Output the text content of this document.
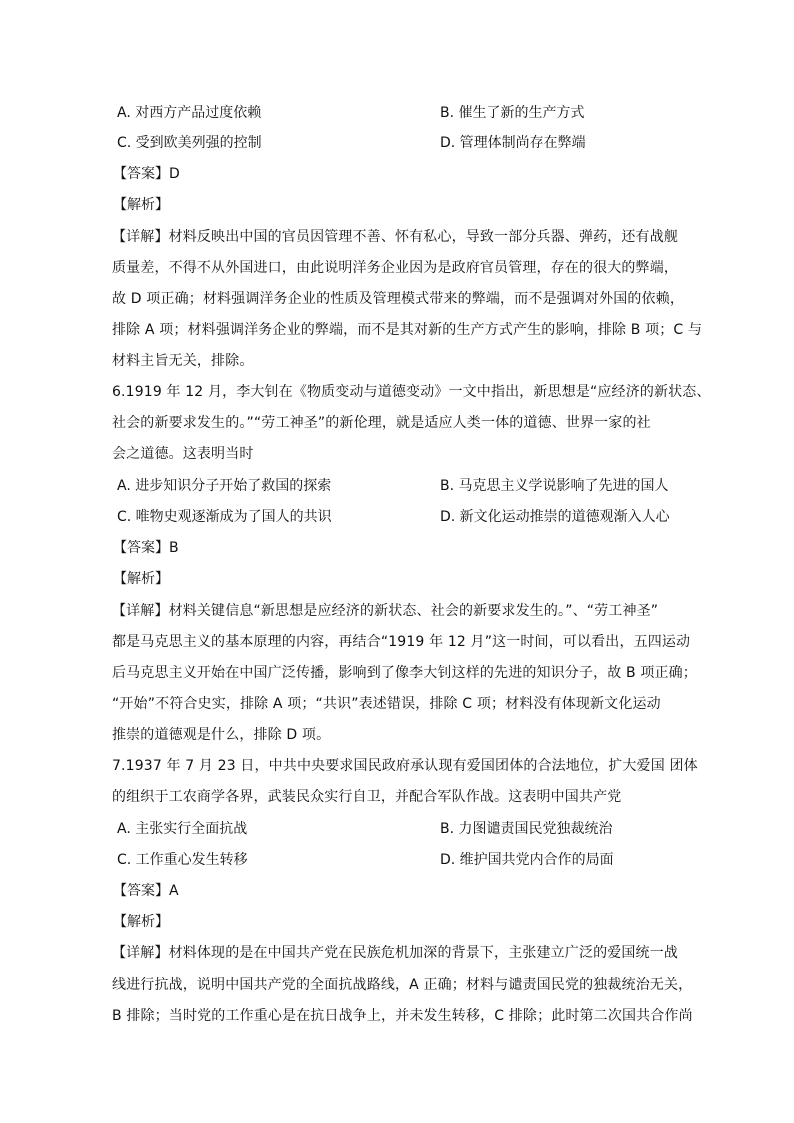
A. 对西方产品过度依赖	B. 催生了新的生产方式
C. 受到欧美列强的控制	D. 管理体制尚存在弊端
【答案】D
【解析】
【详解】材料反映出中国的官员因管理不善、怀有私心，导致一部分兵器、弹药，还有战舰
质量差，不得不从外国进口，由此说明洋务企业因为是政府官员管理，存在的很大的弊端，
故 D 项正确；材料强调洋务企业的性质及管理模式带来的弊端，而不是强调对外国的依赖，
排除 A 项；材料强调洋务企业的弊端，而不是其对新的生产方式产生的影响，排除 B 项；C 与
材料主旨无关，排除。
6.1919 年 12 月，李大钊在《物质变动与道德变动》一文中指出，新思想是“应经济的新状态、
社会的新要求发生的。”“劳工神圣”的新伦理，就是适应人类一体的道德、世界一家的社
会之道德。这表明当时
A. 进步知识分子开始了救国的探索	B. 马克思主义学说影响了先进的国人
C. 唯物史观逐渐成为了国人的共识	D. 新文化运动推崇的道德观渐入人心
【答案】B
【解析】
【详解】材料关键信息“新思想是应经济的新状态、社会的新要求发生的。”、“劳工神圣”
都是马克思主义的基本原理的内容，再结合“1919 年 12 月”这一时间，可以看出，五四运动
后马克思主义开始在中国广泛传播，影响到了像李大钊这样的先进的知识分子，故 B 项正确；
“开始”不符合史实，排除 A 项；“共识”表述错误，排除 C 项；材料没有体现新文化运动
推崇的道德观是什么，排除 D 项。
7.1937 年 7 月 23 日，中共中央要求国民政府承认现有爱国团体的合法地位，扩大爱国 团体
的组织于工农商学各界，武装民众实行自卫，并配合军队作战。这表明中国共产党
A. 主张实行全面抗战	B. 力图谴责国民党独裁统治
C. 工作重心发生转移	D. 维护国共党内合作的局面
【答案】A
【解析】
【详解】材料体现的是在中国共产党在民族危机加深的背景下，主张建立广泛的爱国统一战
线进行抗战，说明中国共产党的全面抗战路线，A 正确；材料与谴责国民党的独裁统治无关，
B 排除；当时党的工作重心是在抗日战争上，并未发生转移，C 排除；此时第二次国共合作尚
